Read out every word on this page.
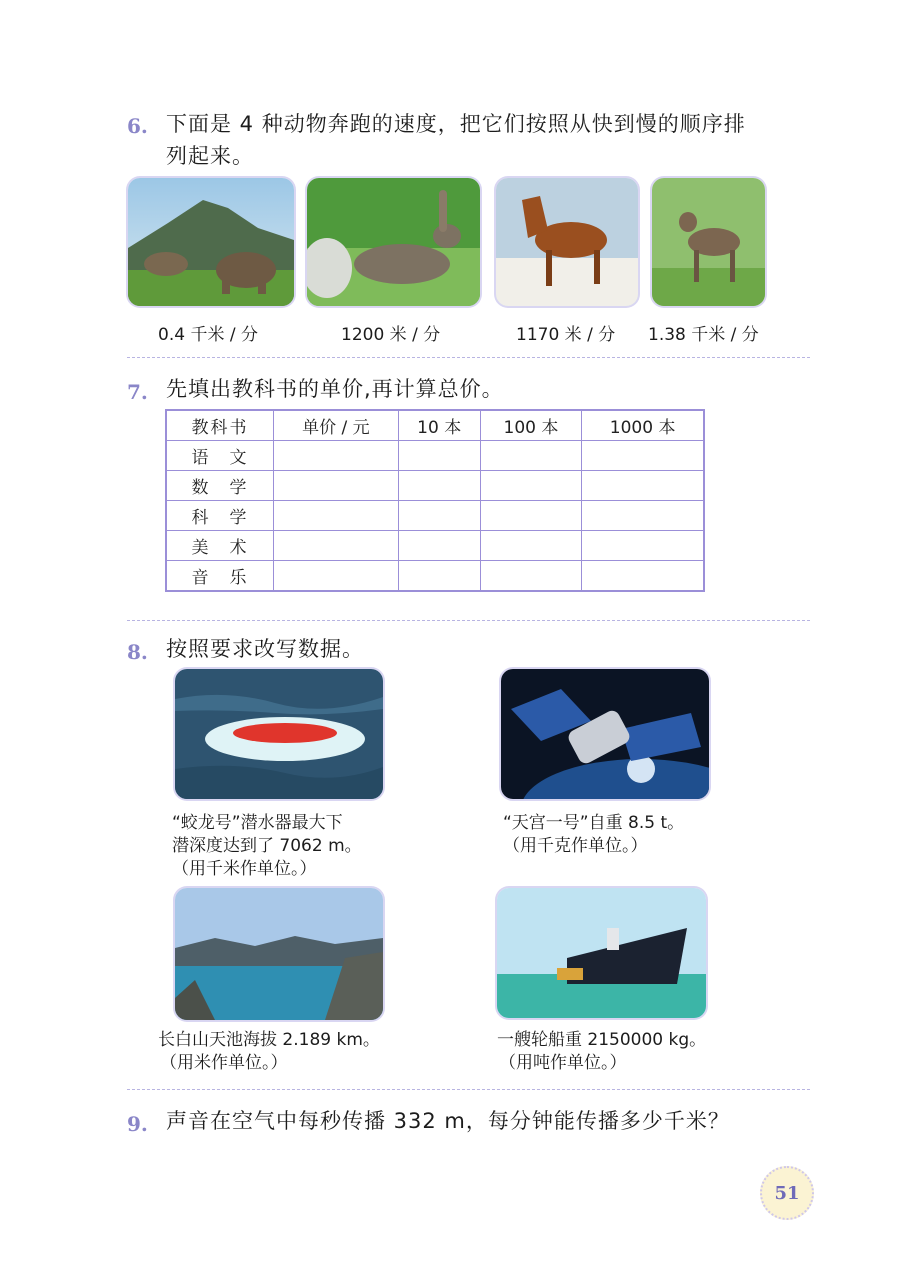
6. 下面是 4 种动物奔跑的速度，把它们按照从快到慢的顺序排
列起来。
0.4 千米 / 分	1200 米 / 分	1170 米 / 分 1.38 千米 / 分
7. 先填出教科书的单价,再计算总价。
教科书	单价 / 元	10 本	100 本	1000 本
语　文				
数　学				
科　学				
美　术				
音　乐				
8. 按照要求改写数据。
“蛟龙号”潜水器最大下
潜深度达到了 7062 m。
（用千米作单位。）
“天宫一号”自重 8.5 t。
（用千克作单位。）
长白山天池海拔 2.189 km。
（用米作单位。）
一艘轮船重 2150000 kg。
（用吨作单位。）
9. 声音在空气中每秒传播 332 m，每分钟能传播多少千米？
51
